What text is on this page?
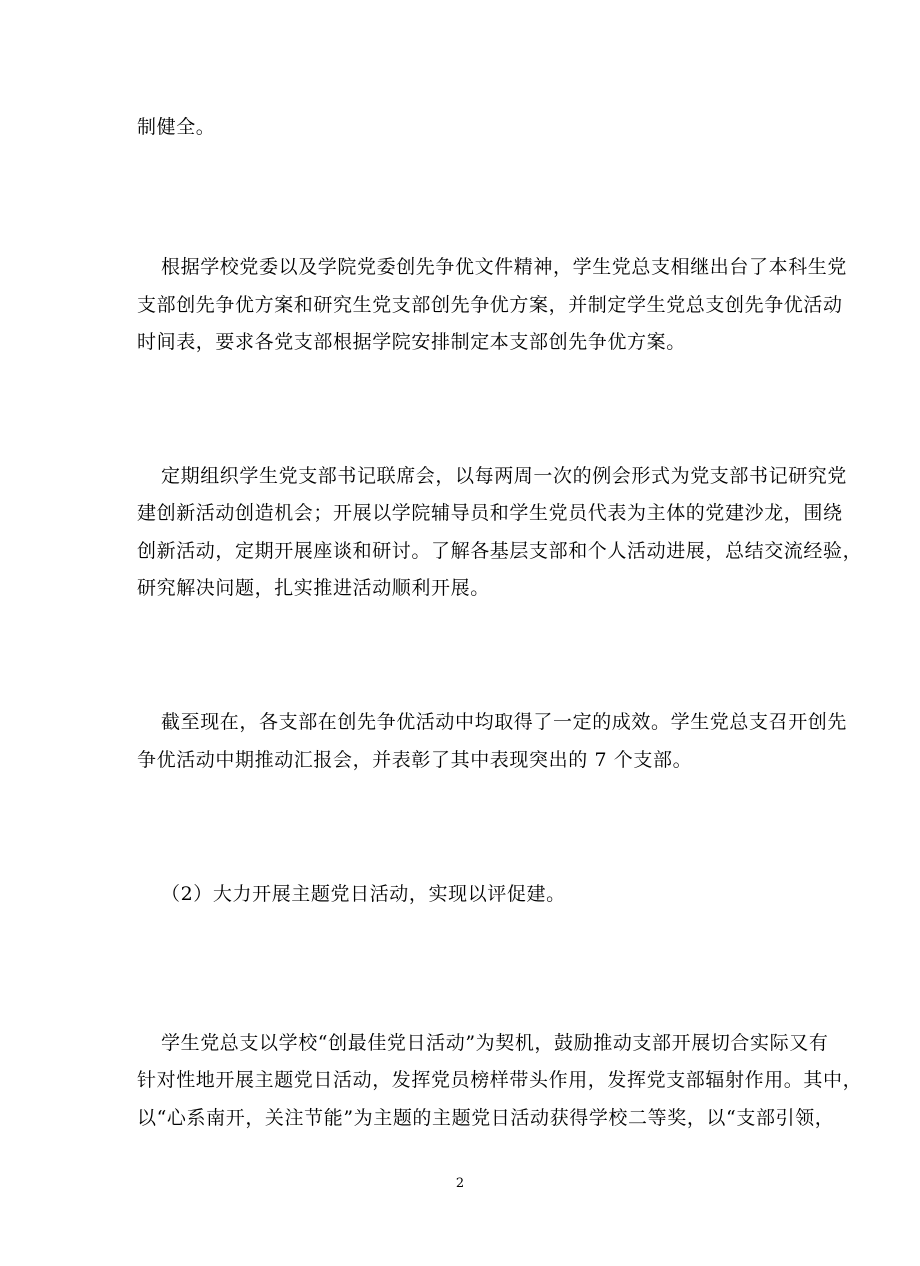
制健全。
根据学校党委以及学院党委创先争优文件精神，学生党总支相继出台了本科生党
支部创先争优方案和研究生党支部创先争优方案，并制定学生党总支创先争优活动
时间表，要求各党支部根据学院安排制定本支部创先争优方案。
定期组织学生党支部书记联席会，以每两周一次的例会形式为党支部书记研究党
建创新活动创造机会；开展以学院辅导员和学生党员代表为主体的党建沙龙，围绕
创新活动，定期开展座谈和研讨。了解各基层支部和个人活动进展，总结交流经验，
研究解决问题，扎实推进活动顺利开展。
截至现在，各支部在创先争优活动中均取得了一定的成效。学生党总支召开创先
争优活动中期推动汇报会，并表彰了其中表现突出的 7 个支部。
（2）大力开展主题党日活动，实现以评促建。
学生党总支以学校“创最佳党日活动”为契机，鼓励推动支部开展切合实际又有
针对性地开展主题党日活动，发挥党员榜样带头作用，发挥党支部辐射作用。其中，
以“心系南开，关注节能”为主题的主题党日活动获得学校二等奖，以“支部引领，
2
